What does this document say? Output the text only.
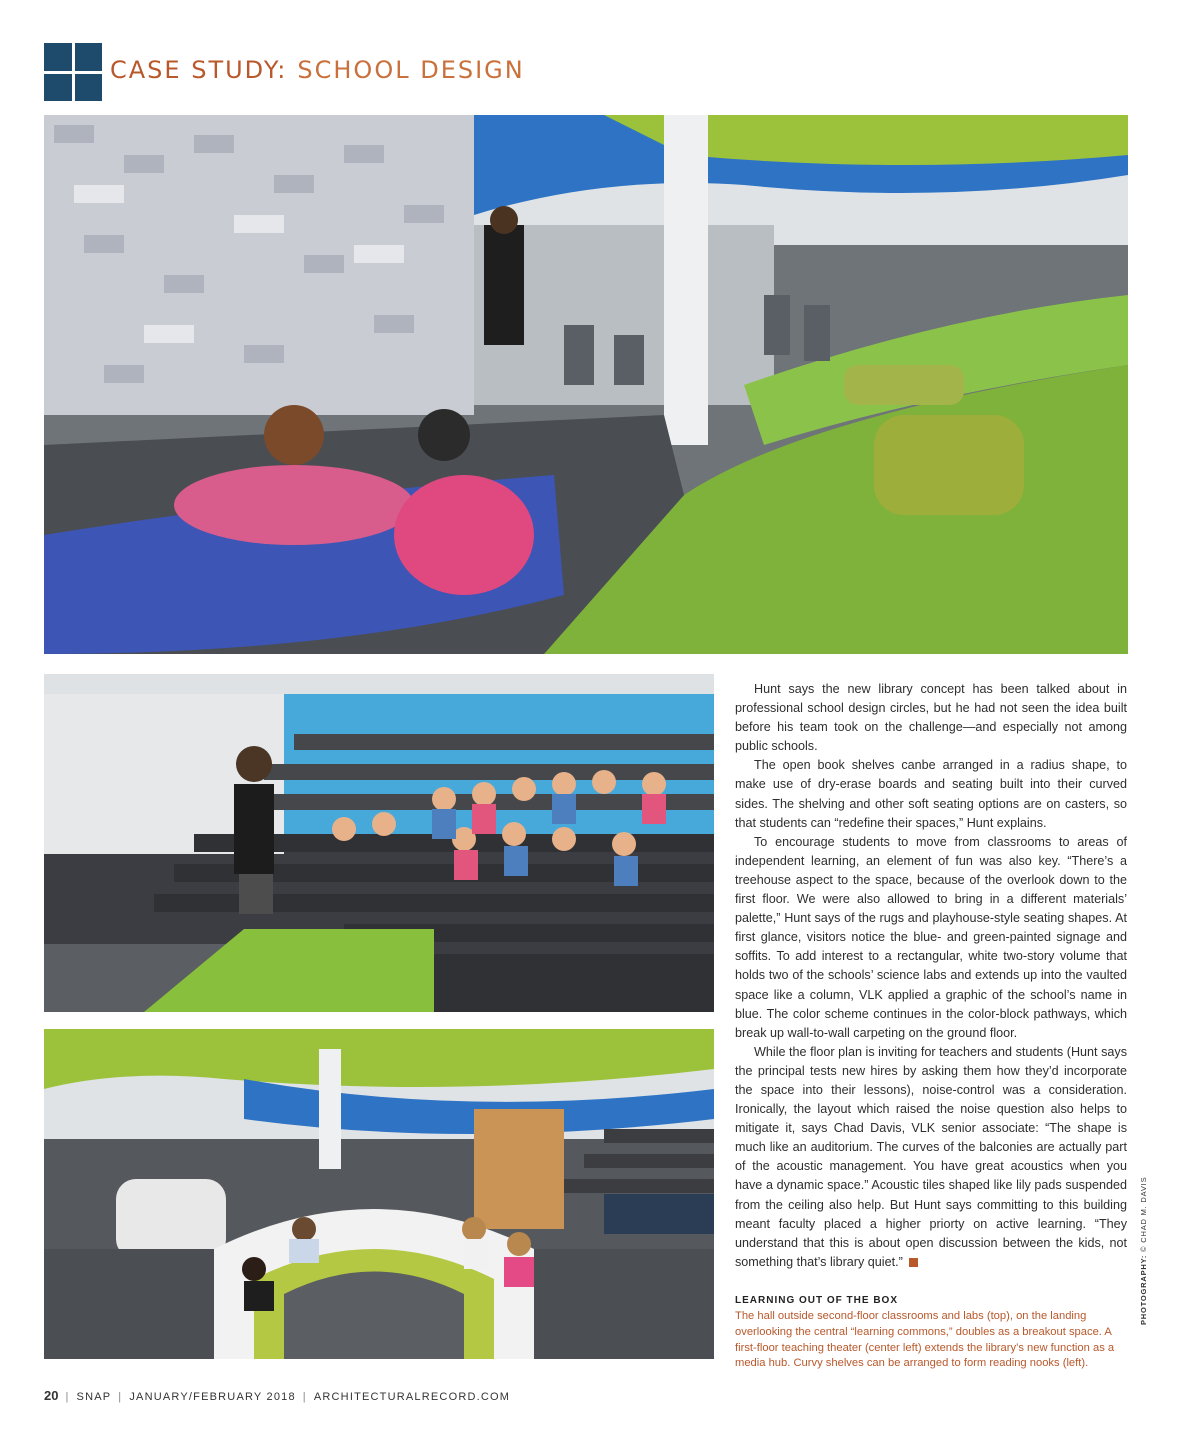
CASE STUDY: SCHOOL DESIGN

Hunt says the new library concept has been talked about in professional school design circles, but he had not seen the idea built before his team took on the challenge—and especially not among public schools.

The open book shelves canbe arranged in a radius shape, to make use of dry-erase boards and seating built into their curved sides. The shelving and other soft seating options are on casters, so that students can “redefine their spaces,” Hunt explains.

To encourage students to move from classrooms to areas of independent learning, an element of fun was also key. “There’s a treehouse aspect to the space, because of the overlook down to the first floor. We were also allowed to bring in a different materials’ palette,” Hunt says of the rugs and playhouse-style seating shapes. At first glance, visitors notice the blue- and green-painted signage and soffits. To add interest to a rectangular, white two-story volume that holds two of the schools’ science labs and extends up into the vaulted space like a column, VLK applied a graphic of the school’s name in blue. The color scheme continues in the color-block pathways, which break up wall-to-wall carpeting on the ground floor.

While the floor plan is inviting for teachers and students (Hunt says the principal tests new hires by asking them how they’d incorporate the space into their lessons), noise-control was a consideration. Ironically, the layout which raised the noise question also helps to mitigate it, says Chad Davis, VLK senior associate: “The shape is much like an auditorium. The curves of the balconies are actually part of the acoustic management. You have great acoustics when you have a dynamic space.” Acoustic tiles shaped like lily pads suspended from the ceiling also help. But Hunt says committing to this building meant faculty placed a higher priorty on active learning. “They understand that this is about open discussion between the kids, not something that’s library quiet.”

LEARNING OUT OF THE BOX
The hall outside second-floor classrooms and labs (top), on the landing overlooking the central “learning commons,” doubles as a breakout space. A first-floor teaching theater (center left) extends the library’s new function as a media hub. Curvy shelves can be arranged to form reading nooks (left).
PHOTOGRAPHY: © CHAD M. DAVIS
20 | SNAP | JANUARY/FEBRUARY 2018 | ARCHITECTURALRECORD.COM
